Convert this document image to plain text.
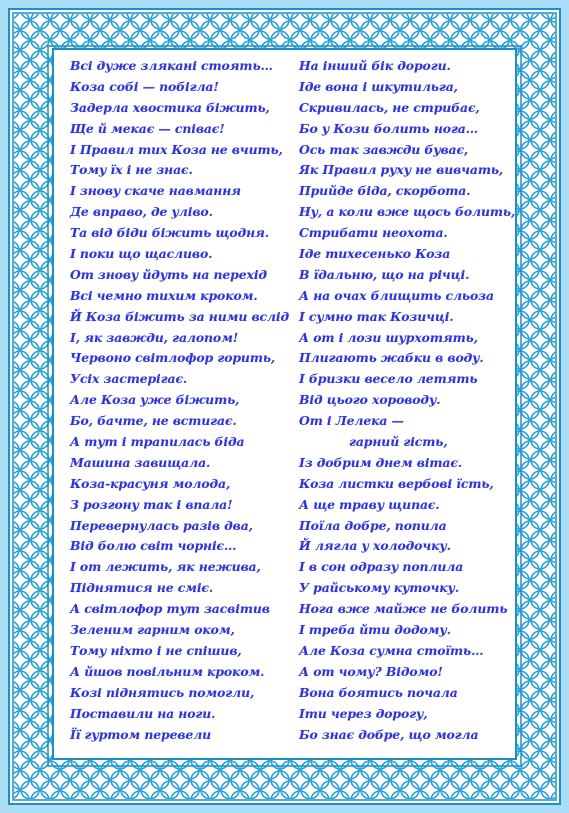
Всі дуже злякані стоять…
Коза собі — побігла!
Задерла хвостика біжить,
Ще й мекає — співає!
І Правил тих Коза не вчить,
Тому їх і не знає.
І знову скаче навмання
Де вправо, де уліво.
Та від біди біжить щодня.
І поки що щасливо.
От знову йдуть на перехід
Всі чемно тихим кроком.
Й Коза біжить за ними вслід
І, як завжди, галопом!
Червоно світлофор горить,
Усіх застерігає.
Але Коза уже біжить,
Бо, бачте, не встигає.
А тут і трапилась біда
Машина завищала.
Коза-красуня молода,
З розгону так і впала!
Перевернулась разів два,
Від болю світ чорніє…
І от лежить, як нежива,
Піднятися не сміє.
А світлофор тут засвітив
Зеленим гарним оком,
Тому ніхто і не спішив,
А йшов повільним кроком.
Козі піднятись помогли,
Поставили на ноги.
Її гуртом перевели
На інший бік дороги.
Іде вона і шкутильга,
Скривилась, не стрибає,
Бо у Кози болить нога…
Ось так завжди буває,
Як Правил руху не вивчать,
Прийде біда, скорбота.
Ну, а коли вже щось болить,
Стрибати неохота.
Іде тихесенько Коза
В їдальню, що на річці.
А на очах блищить сльоза
І сумно так Козичці.
А от і лози шурхотять,
Плигають жабки в воду.
І бризки весело летять
Від цього хороводу.
От і Лелека —
гарний гість,
Із добрим днем вітає.
Коза листки вербові їсть,
А ще траву щипає.
Поїла добре, попила
Й лягла у холодочку.
І в сон одразу поплила
У райському куточку.
Нога вже майже не болить
І треба йти додому.
Але Коза сумна стоїть…
А от чому? Відомо!
Вона боятись почала
Іти через дорогу,
Бо знає добре, що могла
